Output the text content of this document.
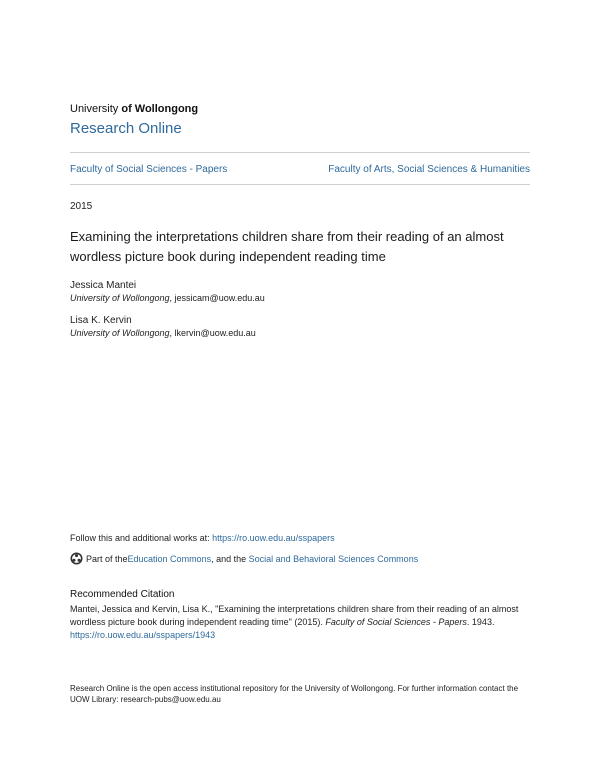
University of Wollongong
Research Online
Faculty of Social Sciences - Papers	Faculty of Arts, Social Sciences & Humanities
2015
Examining the interpretations children share from their reading of an almost wordless picture book during independent reading time
Jessica Mantei
University of Wollongong, jessicam@uow.edu.au
Lisa K. Kervin
University of Wollongong, lkervin@uow.edu.au
Follow this and additional works at: https://ro.uow.edu.au/sspapers
Part of the Education Commons , and the Social and Behavioral Sciences Commons
Recommended Citation
Mantei, Jessica and Kervin, Lisa K., "Examining the interpretations children share from their reading of an almost wordless picture book during independent reading time" (2015). Faculty of Social Sciences - Papers. 1943.
https://ro.uow.edu.au/sspapers/1943
Research Online is the open access institutional repository for the University of Wollongong. For further information contact the UOW Library: research-pubs@uow.edu.au
